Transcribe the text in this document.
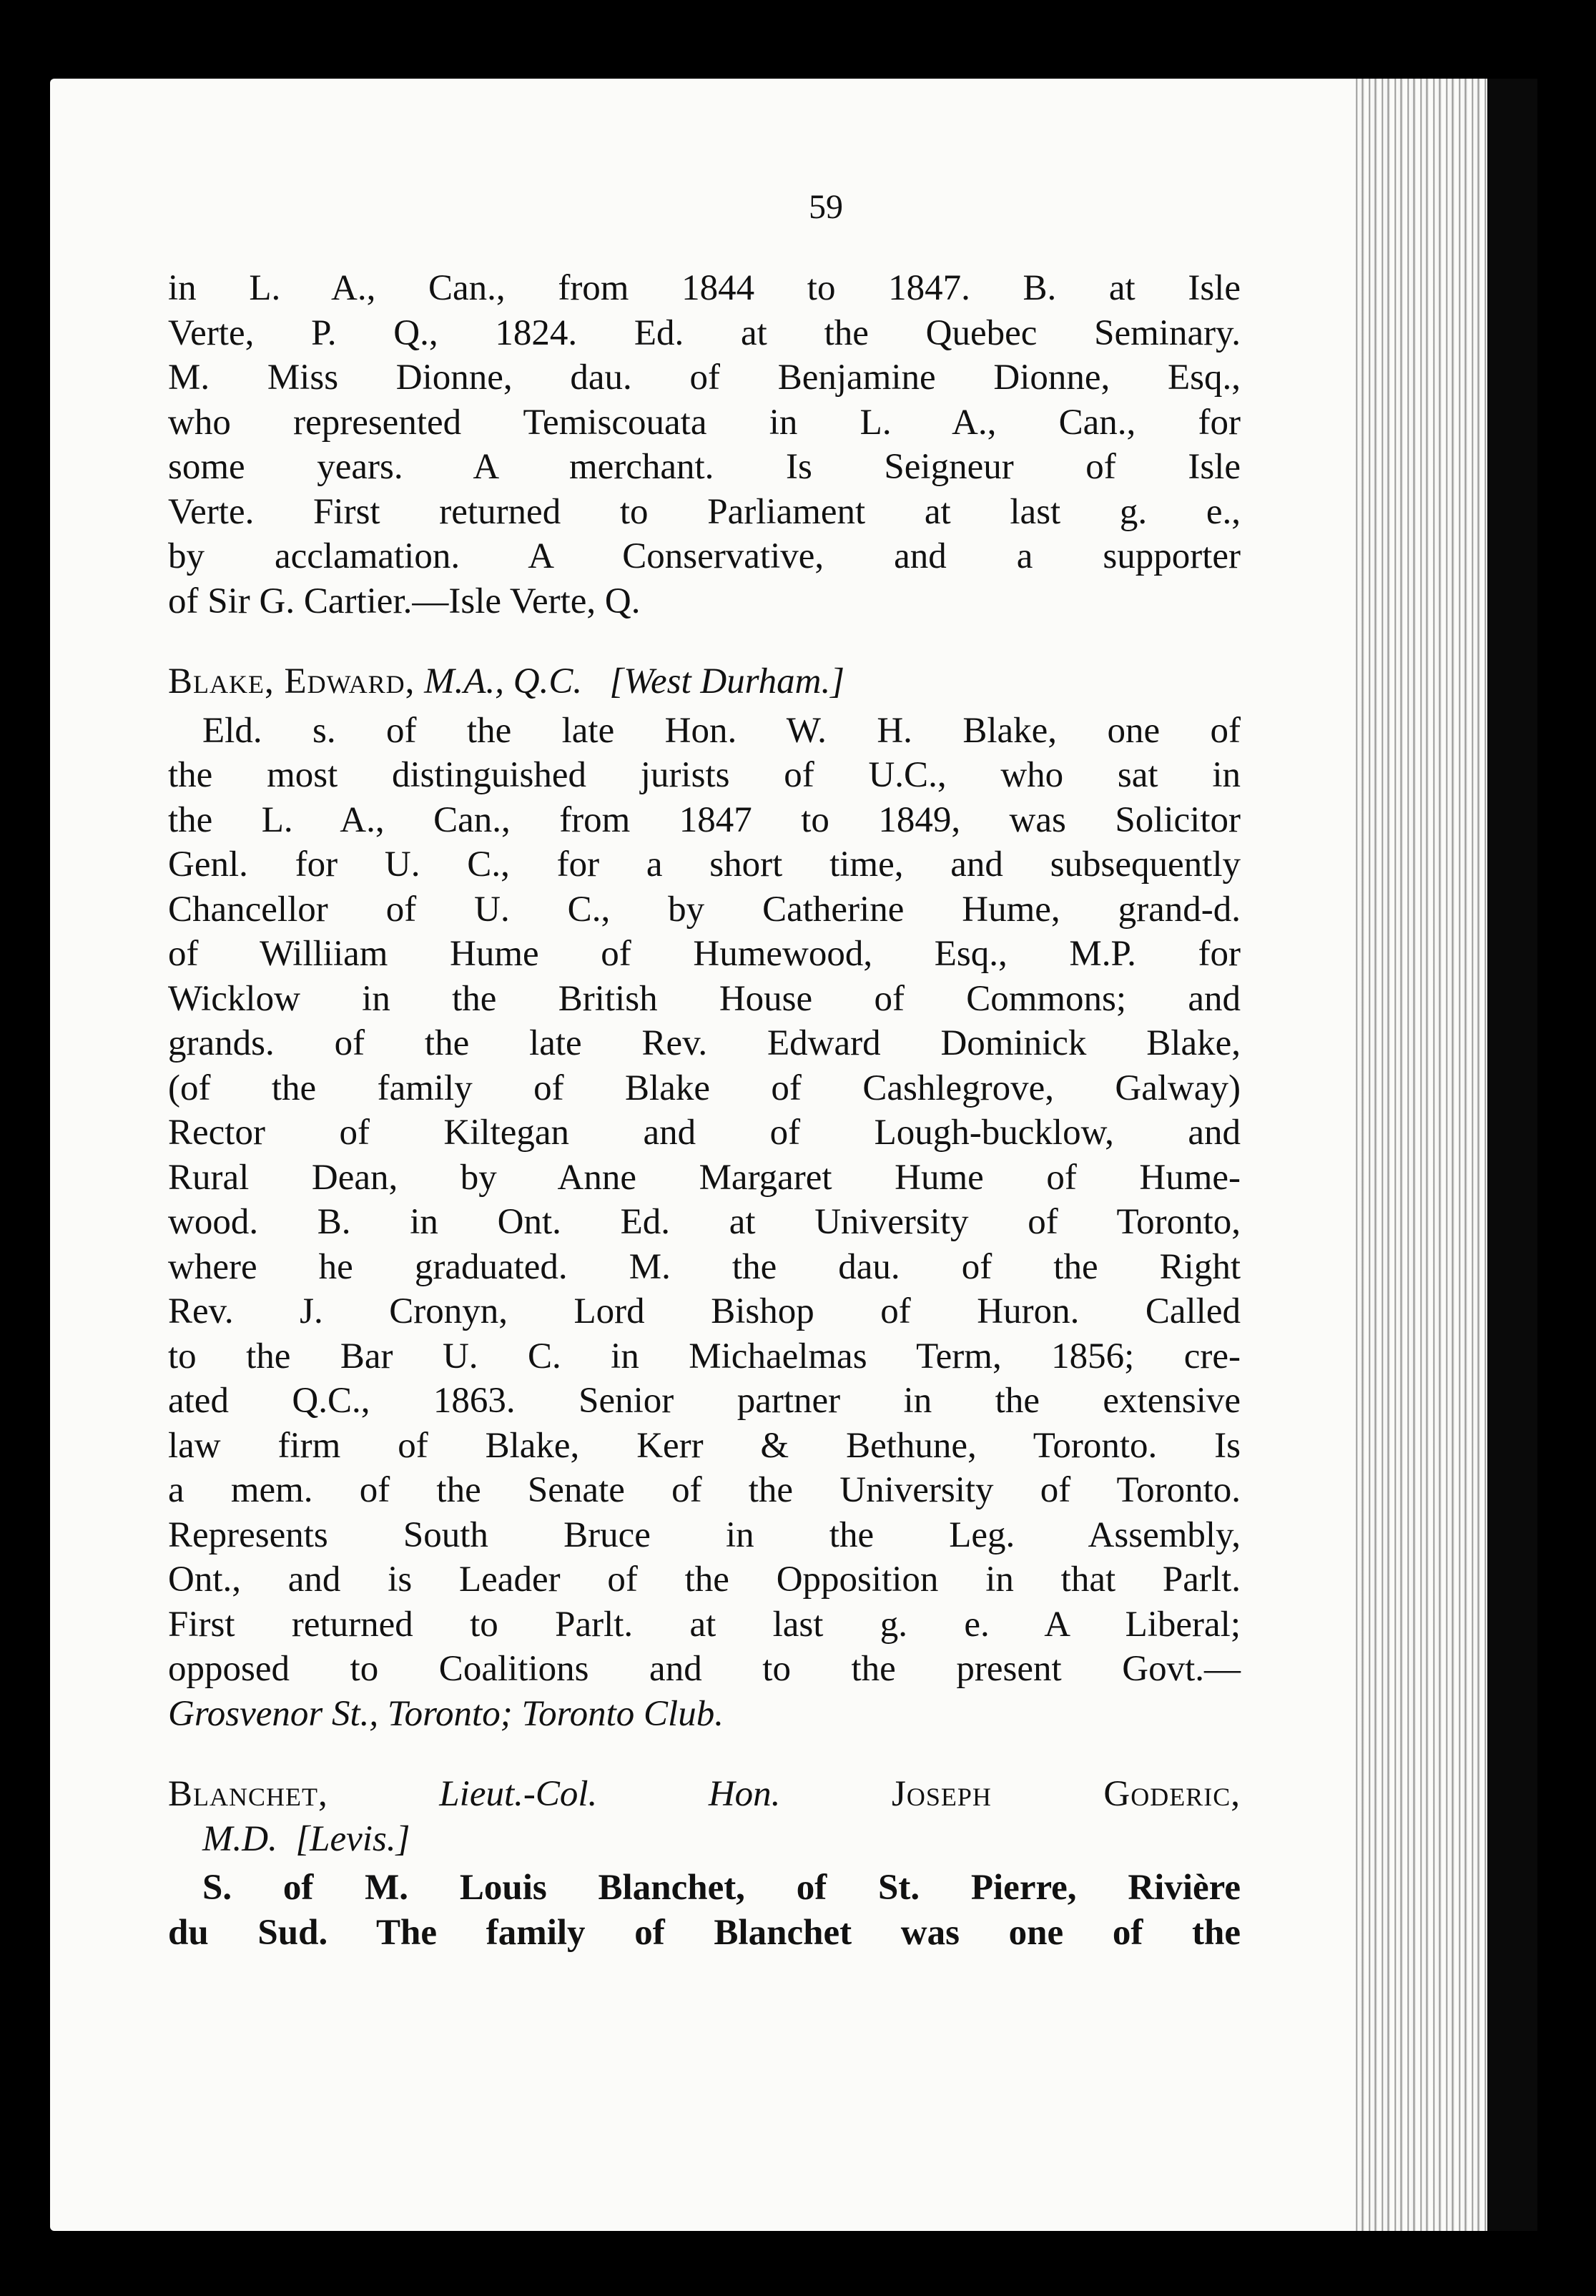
59
in L. A., Can., from 1844 to 1847. B. at Isle
Verte, P. Q., 1824. Ed. at the Quebec Seminary.
M. Miss Dionne, dau. of Benjamine Dionne, Esq.,
who represented Temiscouata in L. A., Can., for
some years. A merchant. Is Seigneur of Isle
Verte. First returned to Parliament at last g. e.,
by acclamation. A Conservative, and a supporter
of Sir G. Cartier.—Isle Verte, Q.
Blake, Edward, M.A., Q.C. [West Durham.]
Eld. s. of the late Hon. W. H. Blake, one of
the most distinguished jurists of U.C., who sat in
the L. A., Can., from 1847 to 1849, was Solicitor
Genl. for U. C., for a short time, and subsequently
Chancellor of U. C., by Catherine Hume, grand-d.
of Williiam Hume of Humewood, Esq., M.P. for
Wicklow in the British House of Commons; and
grands. of the late Rev. Edward Dominick Blake,
(of the family of Blake of Cashlegrove, Galway)
Rector of Kiltegan and of Lough-bucklow, and
Rural Dean, by Anne Margaret Hume of Hume-
wood. B. in Ont. Ed. at University of Toronto,
where he graduated. M. the dau. of the Right
Rev. J. Cronyn, Lord Bishop of Huron. Called
to the Bar U. C. in Michaelmas Term, 1856; cre-
ated Q.C., 1863. Senior partner in the extensive
law firm of Blake, Kerr & Bethune, Toronto. Is
a mem. of the Senate of the University of Toronto.
Represents South Bruce in the Leg. Assembly,
Ont., and is Leader of the Opposition in that Parlt.
First returned to Parlt. at last g. e. A Liberal;
opposed to Coalitions and to the present Govt.—
Grosvenor St., Toronto; Toronto Club.
Blanchet,	Lieut.-Col. Hon.	Joseph Goderic,
M.D. [Levis.]
S. of M. Louis Blanchet, of St. Pierre, Rivière
du Sud. The family of Blanchet was one of the
